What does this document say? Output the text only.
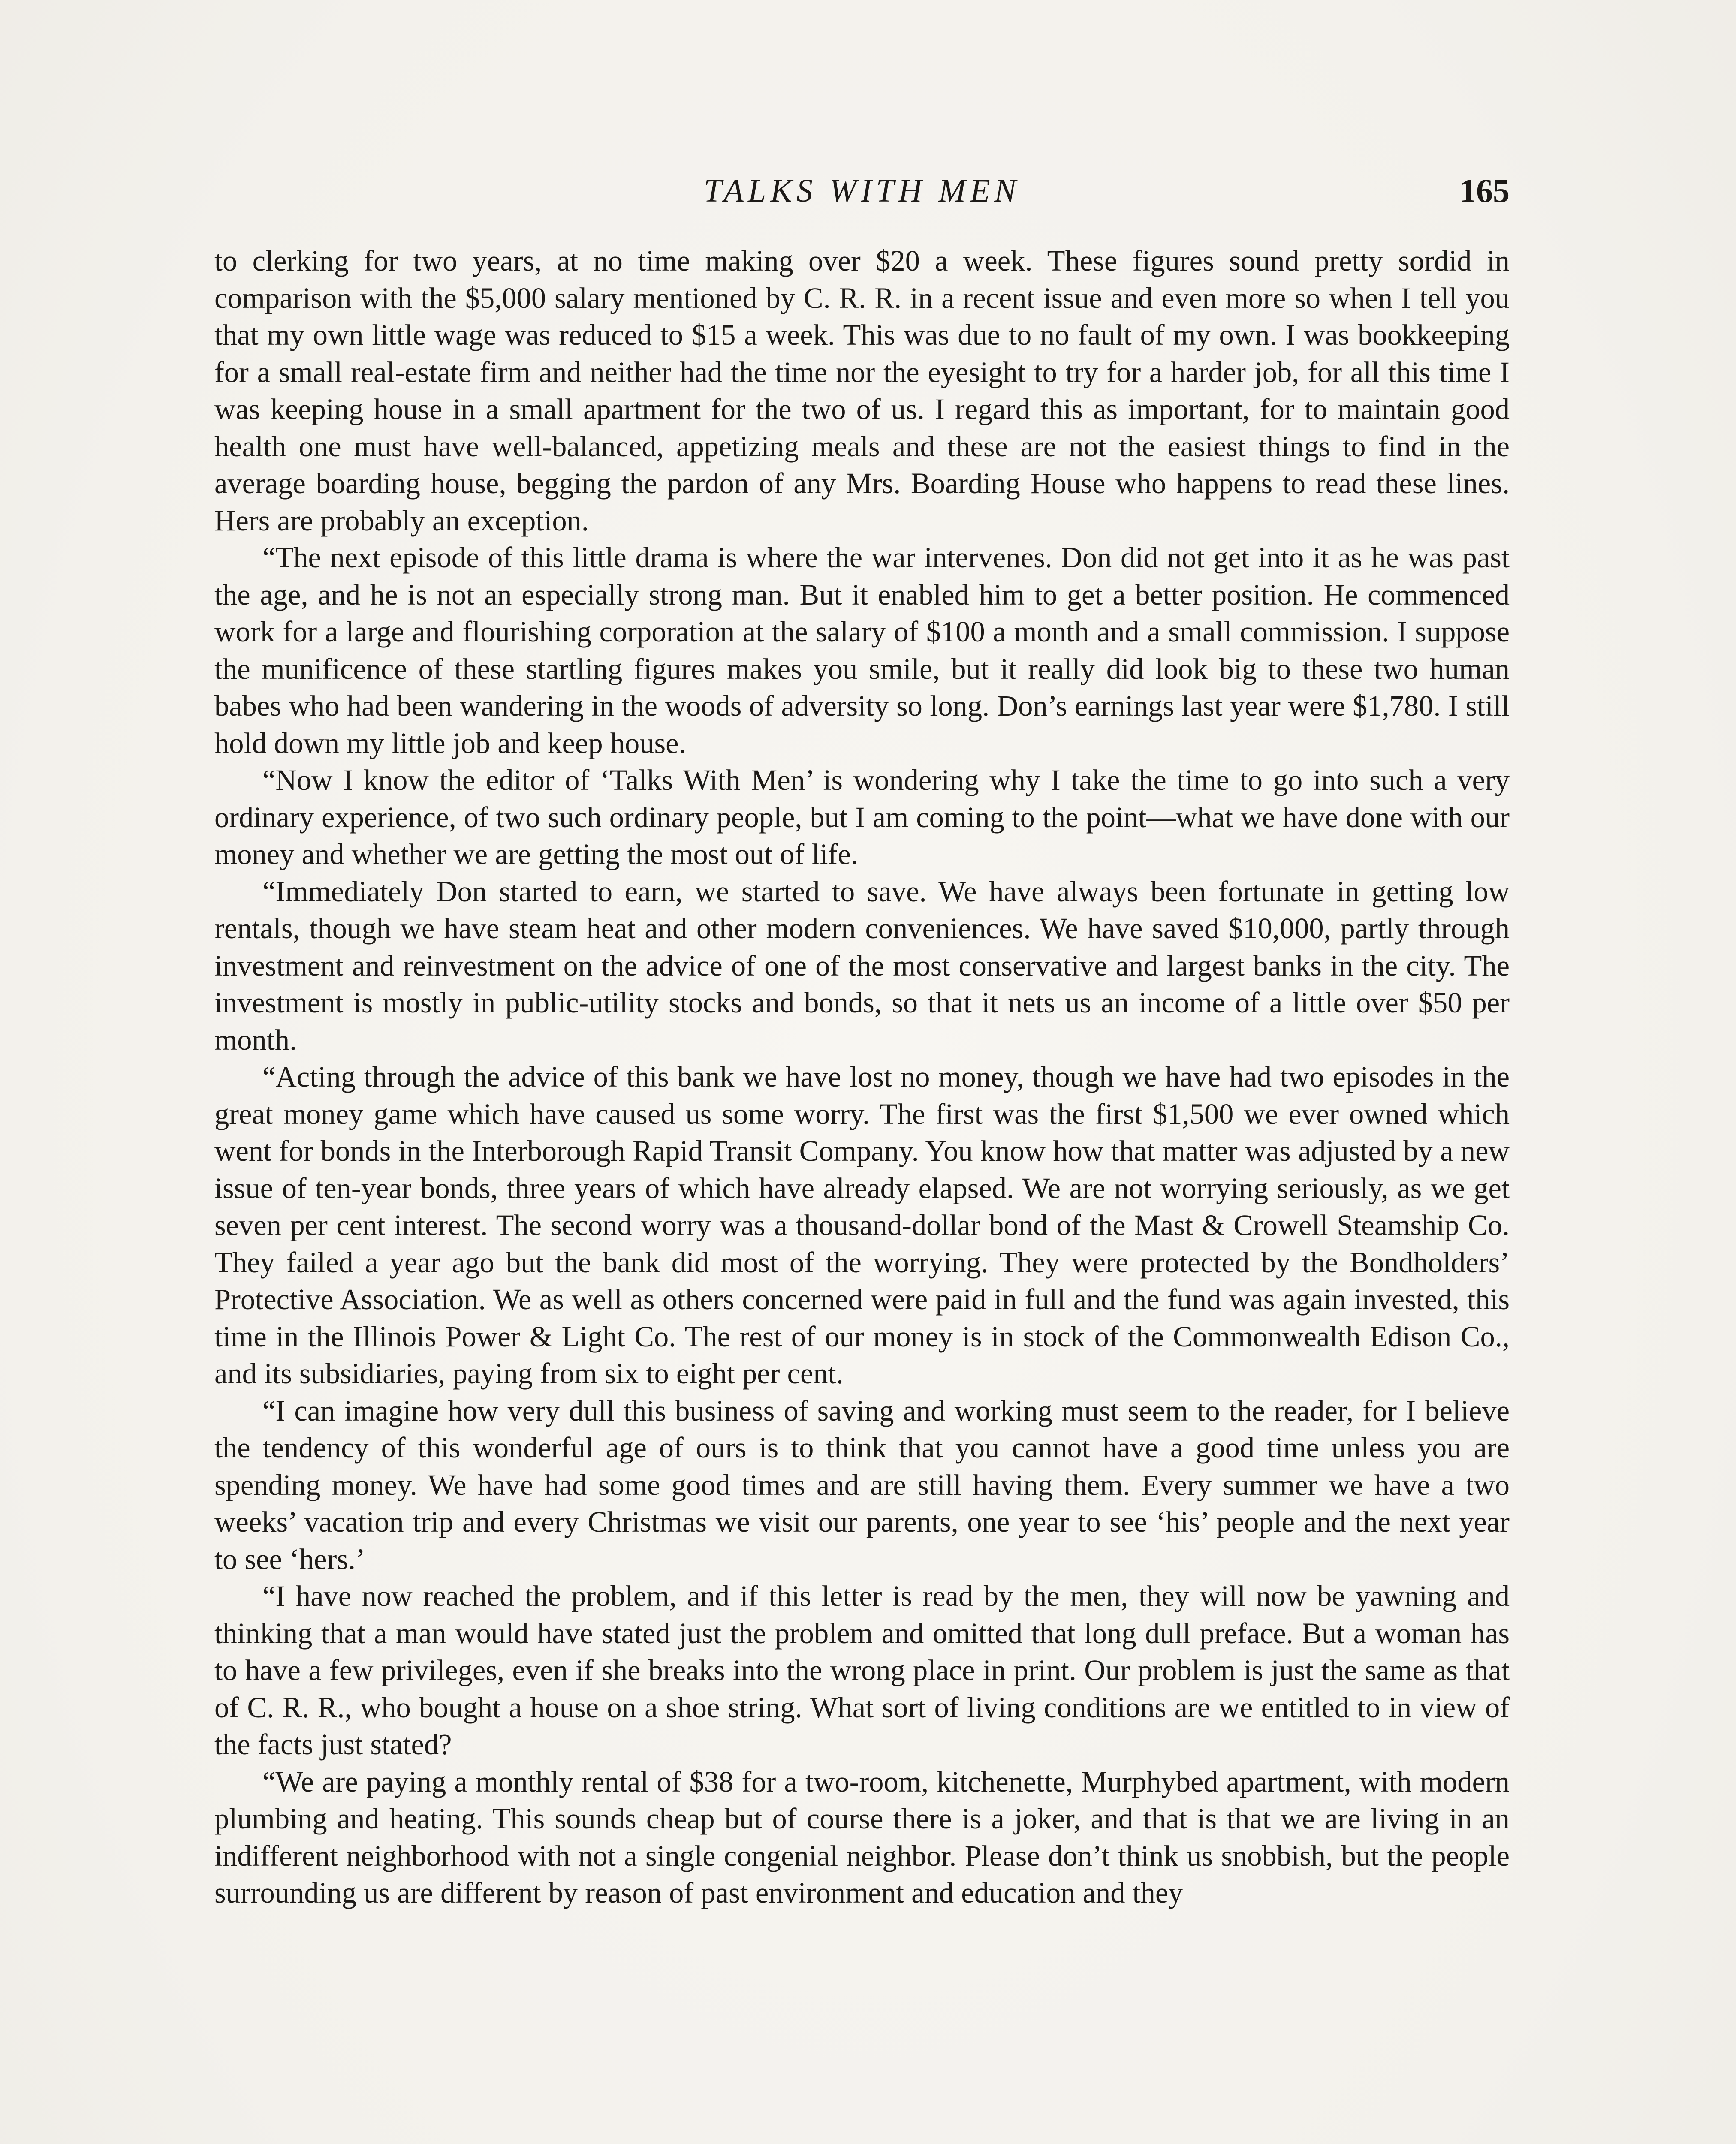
TALKS WITH MEN	165

to clerking for two years, at no time making over $20 a week. These figures sound pretty sordid in comparison with the $5,000 salary mentioned by C. R. R. in a recent issue and even more so when I tell you that my own little wage was reduced to $15 a week. This was due to no fault of my own. I was bookkeeping for a small real-estate firm and neither had the time nor the eyesight to try for a harder job, for all this time I was keeping house in a small apartment for the two of us. I regard this as important, for to maintain good health one must have well-balanced, appetizing meals and these are not the easiest things to find in the average boarding house, begging the pardon of any Mrs. Boarding House who happens to read these lines. Hers are probably an exception.

“The next episode of this little drama is where the war intervenes. Don did not get into it as he was past the age, and he is not an especially strong man. But it enabled him to get a better position. He commenced work for a large and flourishing corporation at the salary of $100 a month and a small commission. I suppose the munificence of these startling figures makes you smile, but it really did look big to these two human babes who had been wandering in the woods of adversity so long. Don’s earnings last year were $1,780. I still hold down my little job and keep house.

“Now I know the editor of ‘Talks With Men’ is wondering why I take the time to go into such a very ordinary experience, of two such ordinary people, but I am coming to the point—what we have done with our money and whether we are getting the most out of life.

“Immediately Don started to earn, we started to save. We have always been fortunate in getting low rentals, though we have steam heat and other modern conveniences. We have saved $10,000, partly through investment and reinvestment on the advice of one of the most conservative and largest banks in the city. The investment is mostly in public-utility stocks and bonds, so that it nets us an income of a little over $50 per month.

“Acting through the advice of this bank we have lost no money, though we have had two episodes in the great money game which have caused us some worry. The first was the first $1,500 we ever owned which went for bonds in the Interborough Rapid Transit Company. You know how that matter was adjusted by a new issue of ten-year bonds, three years of which have already elapsed. We are not worrying seriously, as we get seven per cent interest. The second worry was a thousand-dollar bond of the Mast & Crowell Steamship Co. They failed a year ago but the bank did most of the worrying. They were protected by the Bondholders’ Protective Association. We as well as others concerned were paid in full and the fund was again invested, this time in the Illinois Power & Light Co. The rest of our money is in stock of the Commonwealth Edison Co., and its subsidiaries, paying from six to eight per cent.

“I can imagine how very dull this business of saving and working must seem to the reader, for I believe the tendency of this wonderful age of ours is to think that you cannot have a good time unless you are spending money. We have had some good times and are still having them. Every summer we have a two weeks’ vacation trip and every Christmas we visit our parents, one year to see ‘his’ people and the next year to see ‘hers.’

“I have now reached the problem, and if this letter is read by the men, they will now be yawning and thinking that a man would have stated just the problem and omitted that long dull preface. But a woman has to have a few privileges, even if she breaks into the wrong place in print. Our problem is just the same as that of C. R. R., who bought a house on a shoe string. What sort of living conditions are we entitled to in view of the facts just stated?

“We are paying a monthly rental of $38 for a two-room, kitchenette, Murphybed apartment, with modern plumbing and heating. This sounds cheap but of course there is a joker, and that is that we are living in an indifferent neighborhood with not a single congenial neighbor. Please don’t think us snobbish, but the people surrounding us are different by reason of past environment and education and they
